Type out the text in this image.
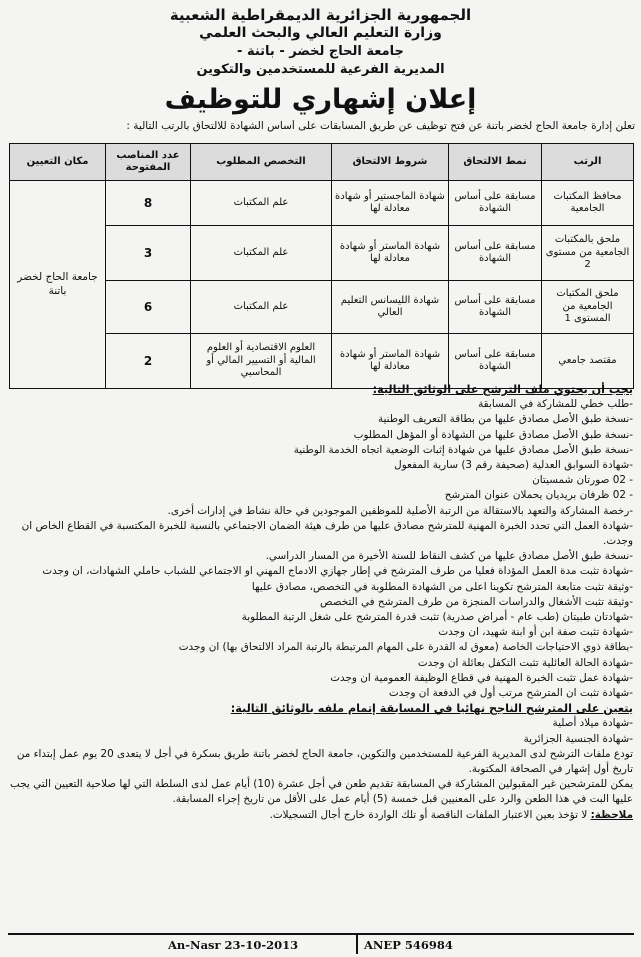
الجمهورية الجزائرية الديمقراطية الشعبية
وزارة التعليم العالي والبحث العلمي
جامعة الحاج لخضر - باتنة -
المديرية الفرعية للمستخدمين والتكوين
إعلان إشهاري للتوظيف
تعلن إدارة جامعة الحاج لخضر باتنة عن فتح توظيف عن طريق المسابقات على أساس الشهادة للالتحاق بالرتب التالية :
الرتب	نمط الالتحاق	شروط الالتحاق	التخصص المطلوب	عدد المناصب المفتوحة	مكان التعيين
محافظ المكتبات الجامعية	مسابقة على أساس الشهادة	شهادة الماجستير أو شهادة معادلة لها	علم المكتبات	8	جامعة الحاج لخضر باتنة
ملحق بالمكتبات الجامعية من مستوى 2	مسابقة على أساس الشهادة	شهادة الماستر أو شهادة معادلة لها	علم المكتبات	3	
ملحق المكتبات الجامعية من المستوى 1	مسابقة على أساس الشهادة	شهادة الليسانس التعليم العالي	علم المكتبات	6	
مقتصد جامعي	مسابقة على أساس الشهادة	شهادة الماستر أو شهادة معادلة لها	العلوم الاقتصادية أو العلوم المالية أو التسيير المالي أو المحاسبي	2	

يجب أن يحتوي ملف الترشح على الوثائق التالية:

-طلب خطي للمشاركة في المسابقة

-نسخة طبق الأصل مصادق عليها من بطاقة التعريف الوطنية

-نسخة طبق الأصل مصادق عليها من الشهادة أو المؤهل المطلوب

-نسخة طبق الأصل مصادق عليها من شهادة إثبات الوضعية اتجاه الخدمة الوطنية

-شهادة السوابق العدلية (صحيفة رقم 3) سارية المفعول

- 02 صورتان شمسيتان

- 02 ظرفان بريديان يحملان عنوان المترشح

-رخصة المشاركة والتعهد بالاستقالة من الرتبة الأصلية للموظفين الموجودين في حالة نشاط في إدارات أخرى.

-شهادة العمل التي تحدد الخبرة المهنية للمترشح مصادق عليها من طرف هيئة الضمان الاجتماعي بالنسبة للخبرة المكتسبة في القطاع الخاص ان وجدت.

-نسخة طبق الأصل مصادق عليها من كشف النقاط للسنة الأخيرة من المسار الدراسي.

-شهادة تثبت مدة العمل المؤداة فعليا من طرف المترشح في إطار جهازي الادماج المهني او الاجتماعي للشباب حاملي الشهادات، ان وجدت

-وثيقة تثبت متابعة المترشح تكوينا اعلى من الشهادة المطلوبة في التخصص، مصادق عليها

-وثيقة تثبت الأشغال والدراسات المنجزة من طرف المترشح في التخصص

-شهادتان طبيتان (طب عام - أمراض صدرية) تثبت قدرة المترشح على شغل الرتبة المطلوبة

-شهادة تثبت صفة ابن أو ابنة شهيد، ان وجدت

-بطاقة ذوي الاحتياجات الخاصة (معوق له القدرة على المهام المرتبطة بالرتبة المراد الالتحاق بها) ان وجدت

-شهادة الحالة العائلية تثبت التكفل بعائلة ان وجدت

-شهادة عمل تثبت الخبرة المهنية في قطاع الوظيفة العمومية ان وجدت

-شهادة تثبت ان المترشح مرتب أول في الدفعة ان وجدت

يتعين على المترشح الناجح نهائيا في المسابقة إتمام ملفه بالوثائق التالية:

-شهادة ميلاد أصلية

-شهادة الجنسية الجزائرية

تودع ملفات الترشح لدى المديرية الفرعية للمستخدمين والتكوين، جامعة الحاج لخضر باتنة طريق بسكرة في أجل لا يتعدى 20 يوم عمل إبتداء من تاريخ أول إشهار في الصحافة المكتوبة.

يمكن للمترشحين غير المقبولين المشاركة في المسابقة تقديم طعن في أجل عشرة (10) أيام عمل لدى السلطة التي لها صلاحية التعيين التي يجب عليها البت في هذا الطعن والرد على المعنيين قبل خمسة (5) أيام عمل على الأقل من تاريخ إجراء المسابقة.

ملاحظة: لا تؤخذ بعين الاعتبار الملفات الناقصة أو تلك الواردة خارج أجال التسجيلات.

An-Nasr 23-10-2013	ANEP 546984
